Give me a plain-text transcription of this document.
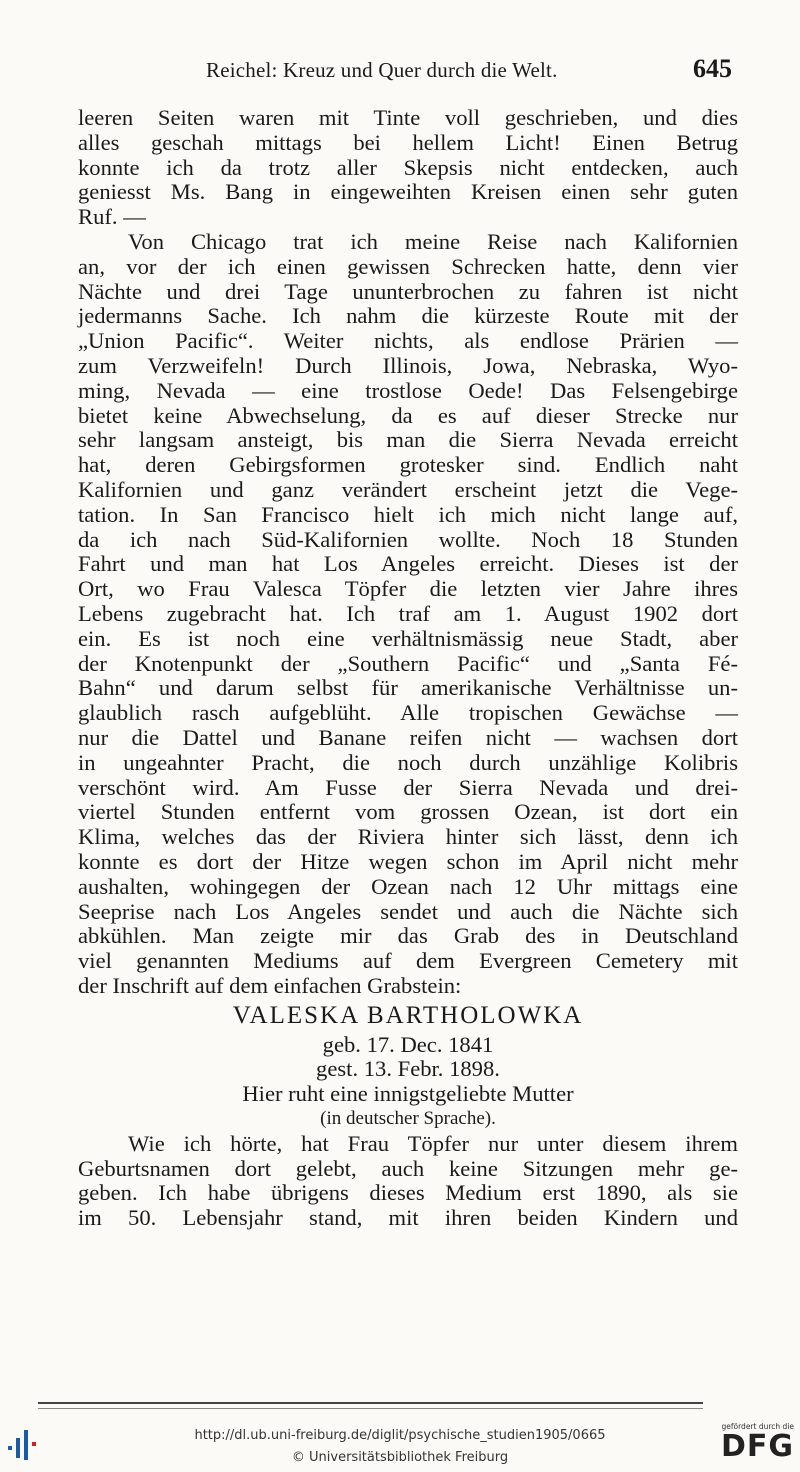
Reichel: Kreuz und Quer durch die Welt.	645
leeren Seiten waren mit Tinte voll geschrieben, und dies
alles geschah mittags bei hellem Licht! Einen Betrug
konnte ich da trotz aller Skepsis nicht entdecken, auch
geniesst Ms. Bang in eingeweihten Kreisen einen sehr guten
Ruf. —
Von Chicago trat ich meine Reise nach Kalifornien
an, vor der ich einen gewissen Schrecken hatte, denn vier
Nächte und drei Tage ununterbrochen zu fahren ist nicht
jedermanns Sache. Ich nahm die kürzeste Route mit der
„Union Pacific“. Weiter nichts, als endlose Prärien —
zum Verzweifeln! Durch Illinois, Jowa, Nebraska, Wyo-
ming, Nevada — eine trostlose Oede! Das Felsengebirge
bietet keine Abwechselung, da es auf dieser Strecke nur
sehr langsam ansteigt, bis man die Sierra Nevada erreicht
hat, deren Gebirgsformen grotesker sind. Endlich naht
Kalifornien und ganz verändert erscheint jetzt die Vege-
tation. In San Francisco hielt ich mich nicht lange auf,
da ich nach Süd-Kalifornien wollte. Noch 18 Stunden
Fahrt und man hat Los Angeles erreicht. Dieses ist der
Ort, wo Frau Valesca Töpfer die letzten vier Jahre ihres
Lebens zugebracht hat. Ich traf am 1. August 1902 dort
ein. Es ist noch eine verhältnismässig neue Stadt, aber
der Knotenpunkt der „Southern Pacific“ und „Santa Fé-
Bahn“ und darum selbst für amerikanische Verhältnisse un-
glaublich rasch aufgeblüht. Alle tropischen Gewächse —
nur die Dattel und Banane reifen nicht — wachsen dort
in ungeahnter Pracht, die noch durch unzählige Kolibris
verschönt wird. Am Fusse der Sierra Nevada und drei-
viertel Stunden entfernt vom grossen Ozean, ist dort ein
Klima, welches das der Riviera hinter sich lässt, denn ich
konnte es dort der Hitze wegen schon im April nicht mehr
aushalten, wohingegen der Ozean nach 12 Uhr mittags eine
Seeprise nach Los Angeles sendet und auch die Nächte sich
abkühlen. Man zeigte mir das Grab des in Deutschland
viel genannten Mediums auf dem Evergreen Cemetery mit
der Inschrift auf dem einfachen Grabstein:
VALESKA BARTHOLOWKA
geb. 17. Dec. 1841
gest. 13. Febr. 1898.
Hier ruht eine innigstgeliebte Mutter
(in deutscher Sprache).
Wie ich hörte, hat Frau Töpfer nur unter diesem ihrem
Geburtsnamen dort gelebt, auch keine Sitzungen mehr ge-
geben. Ich habe übrigens dieses Medium erst 1890, als sie
im 50. Lebensjahr stand, mit ihren beiden Kindern und
http://dl.ub.uni-freiburg.de/diglit/psychische_studien1905/0665
© Universitätsbibliothek Freiburg
gefördert durch die
DFG
